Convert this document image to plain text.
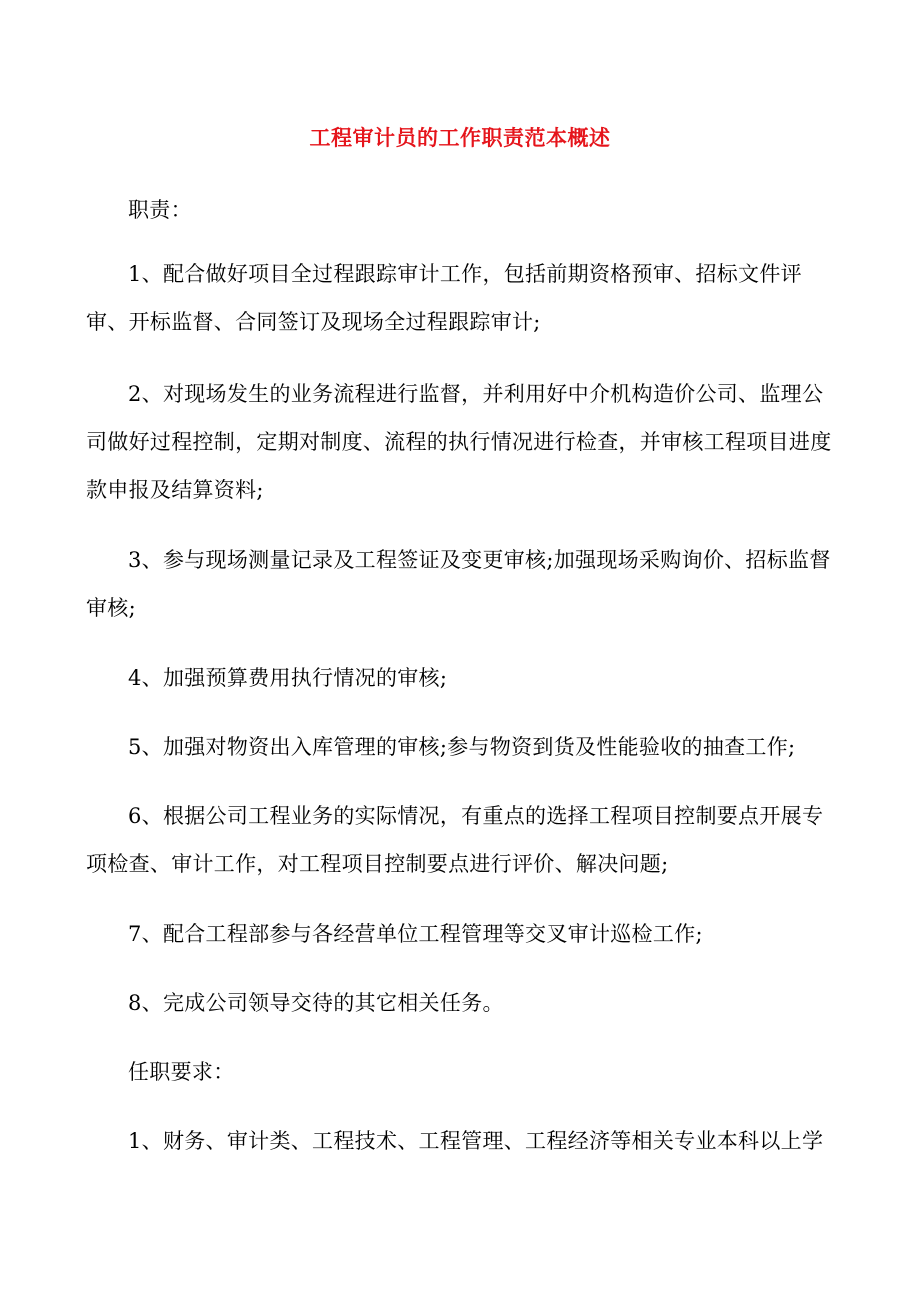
工程审计员的工作职责范本概述

职责：

1、配合做好项目全过程跟踪审计工作，包括前期资格预审、招标文件评审、开标监督、合同签订及现场全过程跟踪审计;

2、对现场发生的业务流程进行监督，并利用好中介机构造价公司、监理公司做好过程控制，定期对制度、流程的执行情况进行检查，并审核工程项目进度款申报及结算资料;

3、参与现场测量记录及工程签证及变更审核;加强现场采购询价、招标监督审核;

4、加强预算费用执行情况的审核;

5、加强对物资出入库管理的审核;参与物资到货及性能验收的抽查工作;

6、根据公司工程业务的实际情况，有重点的选择工程项目控制要点开展专项检查、审计工作，对工程项目控制要点进行评价、解决问题;

7、配合工程部参与各经营单位工程管理等交叉审计巡检工作;

8、完成公司领导交待的其它相关任务。

任职要求：

1、财务、审计类、工程技术、工程管理、工程经济等相关专业本科以上学
